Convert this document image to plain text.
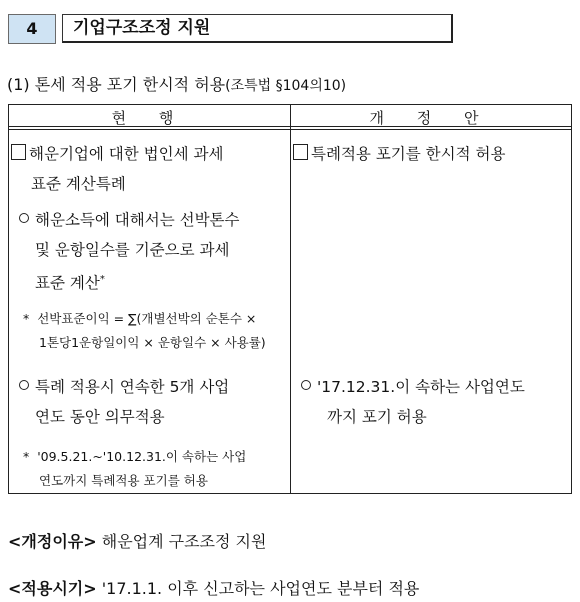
4	기업구조조정 지원
(1) 톤세 적용 포기 한시적 허용(조특법 §104의10)
현 행	개 정 안
해운기업에 대한 법인세 과세
표준 계산특례
해운소득에 대해서는 선박톤수
및 운항일수를 기준으로 과세
표준 계산*
* 선박표준이익 = ∑(개별선박의 순톤수 ×
1톤당1운항일이익 × 운항일수 × 사용률)
특례 적용시 연속한 5개 사업
연도 동안 의무적용
* '09.5.21.~'10.12.31.이 속하는 사업
연도까지 특례적용 포기를 허용
특례적용 포기를 한시적 허용
'17.12.31.이 속하는 사업연도
까지 포기 허용
<개정이유> 해운업계 구조조정 지원
<적용시기> '17.1.1. 이후 신고하는 사업연도 분부터 적용
